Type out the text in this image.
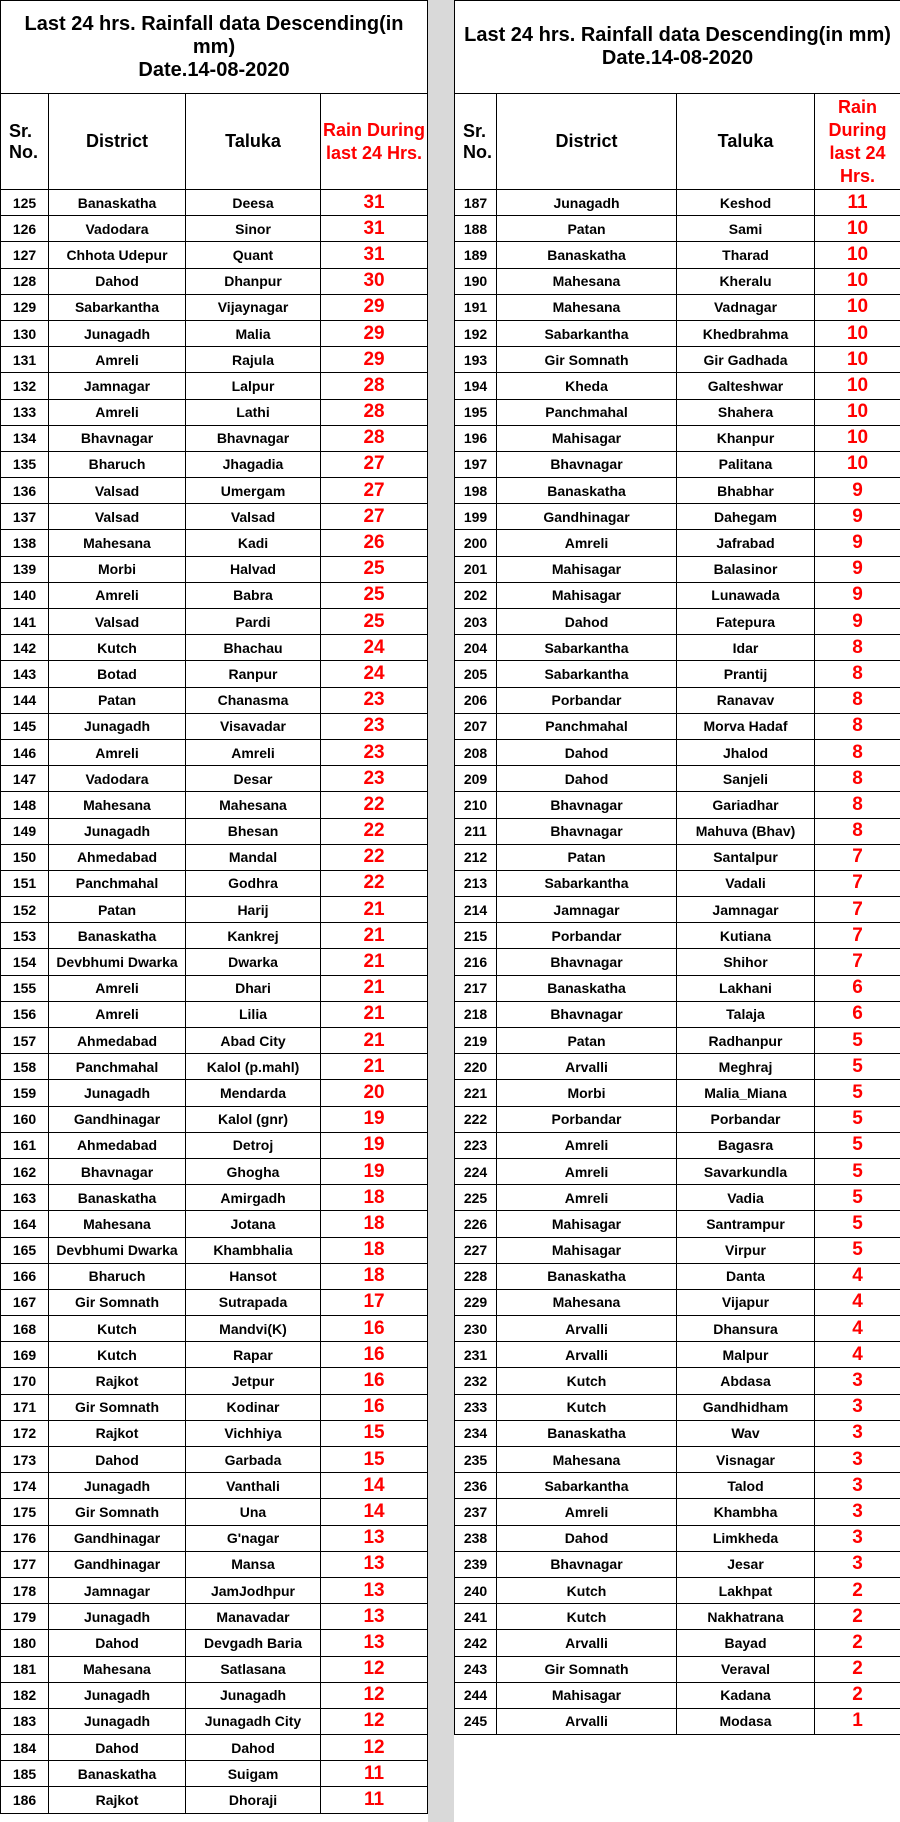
Last 24 hrs. Rainfall data Descending(in mm)
Date.14-08-2020			

Sr. No.	District	Taluka	Rain During last 24 Hrs.
125	Banaskatha	Deesa	31
126	Vadodara	Sinor	31
127	Chhota Udepur	Quant	31
128	Dahod	Dhanpur	30
129	Sabarkantha	Vijaynagar	29
130	Junagadh	Malia	29
131	Amreli	Rajula	29
132	Jamnagar	Lalpur	28
133	Amreli	Lathi	28
134	Bhavnagar	Bhavnagar	28
135	Bharuch	Jhagadia	27
136	Valsad	Umergam	27
137	Valsad	Valsad	27
138	Mahesana	Kadi	26
139	Morbi	Halvad	25
140	Amreli	Babra	25
141	Valsad	Pardi	25
142	Kutch	Bhachau	24
143	Botad	Ranpur	24
144	Patan	Chanasma	23
145	Junagadh	Visavadar	23
146	Amreli	Amreli	23
147	Vadodara	Desar	23
148	Mahesana	Mahesana	22
149	Junagadh	Bhesan	22
150	Ahmedabad	Mandal	22
151	Panchmahal	Godhra	22
152	Patan	Harij	21
153	Banaskatha	Kankrej	21
154	Devbhumi Dwarka	Dwarka	21
155	Amreli	Dhari	21
156	Amreli	Lilia	21
157	Ahmedabad	Abad City	21
158	Panchmahal	Kalol (p.mahl)	21
159	Junagadh	Mendarda	20
160	Gandhinagar	Kalol (gnr)	19
161	Ahmedabad	Detroj	19
162	Bhavnagar	Ghogha	19
163	Banaskatha	Amirgadh	18
164	Mahesana	Jotana	18
165	Devbhumi Dwarka	Khambhalia	18
166	Bharuch	Hansot	18
167	Gir Somnath	Sutrapada	17
168	Kutch	Mandvi(K)	16
169	Kutch	Rapar	16
170	Rajkot	Jetpur	16
171	Gir Somnath	Kodinar	16
172	Rajkot	Vichhiya	15
173	Dahod	Garbada	15
174	Junagadh	Vanthali	14
175	Gir Somnath	Una	14
176	Gandhinagar	G'nagar	13
177	Gandhinagar	Mansa	13
178	Jamnagar	JamJodhpur	13
179	Junagadh	Manavadar	13
180	Dahod	Devgadh Baria	13
181	Mahesana	Satlasana	12
182	Junagadh	Junagadh	12
183	Junagadh	Junagadh City	12
184	Dahod	Dahod	12
185	Banaskatha	Suigam	11
186	Rajkot	Dhoraji	11
Last 24 hrs. Rainfall data Descending(in mm)
Date.14-08-2020			

Sr. No.	District	Taluka	Rain During last 24 Hrs.
187	Junagadh	Keshod	11
188	Patan	Sami	10
189	Banaskatha	Tharad	10
190	Mahesana	Kheralu	10
191	Mahesana	Vadnagar	10
192	Sabarkantha	Khedbrahma	10
193	Gir Somnath	Gir Gadhada	10
194	Kheda	Galteshwar	10
195	Panchmahal	Shahera	10
196	Mahisagar	Khanpur	10
197	Bhavnagar	Palitana	10
198	Banaskatha	Bhabhar	9
199	Gandhinagar	Dahegam	9
200	Amreli	Jafrabad	9
201	Mahisagar	Balasinor	9
202	Mahisagar	Lunawada	9
203	Dahod	Fatepura	9
204	Sabarkantha	Idar	8
205	Sabarkantha	Prantij	8
206	Porbandar	Ranavav	8
207	Panchmahal	Morva Hadaf	8
208	Dahod	Jhalod	8
209	Dahod	Sanjeli	8
210	Bhavnagar	Gariadhar	8
211	Bhavnagar	Mahuva (Bhav)	8
212	Patan	Santalpur	7
213	Sabarkantha	Vadali	7
214	Jamnagar	Jamnagar	7
215	Porbandar	Kutiana	7
216	Bhavnagar	Shihor	7
217	Banaskatha	Lakhani	6
218	Bhavnagar	Talaja	6
219	Patan	Radhanpur	5
220	Arvalli	Meghraj	5
221	Morbi	Malia_Miana	5
222	Porbandar	Porbandar	5
223	Amreli	Bagasra	5
224	Amreli	Savarkundla	5
225	Amreli	Vadia	5
226	Mahisagar	Santrampur	5
227	Mahisagar	Virpur	5
228	Banaskatha	Danta	4
229	Mahesana	Vijapur	4
230	Arvalli	Dhansura	4
231	Arvalli	Malpur	4
232	Kutch	Abdasa	3
233	Kutch	Gandhidham	3
234	Banaskatha	Wav	3
235	Mahesana	Visnagar	3
236	Sabarkantha	Talod	3
237	Amreli	Khambha	3
238	Dahod	Limkheda	3
239	Bhavnagar	Jesar	3
240	Kutch	Lakhpat	2
241	Kutch	Nakhatrana	2
242	Arvalli	Bayad	2
243	Gir Somnath	Veraval	2
244	Mahisagar	Kadana	2
245	Arvalli	Modasa	1
